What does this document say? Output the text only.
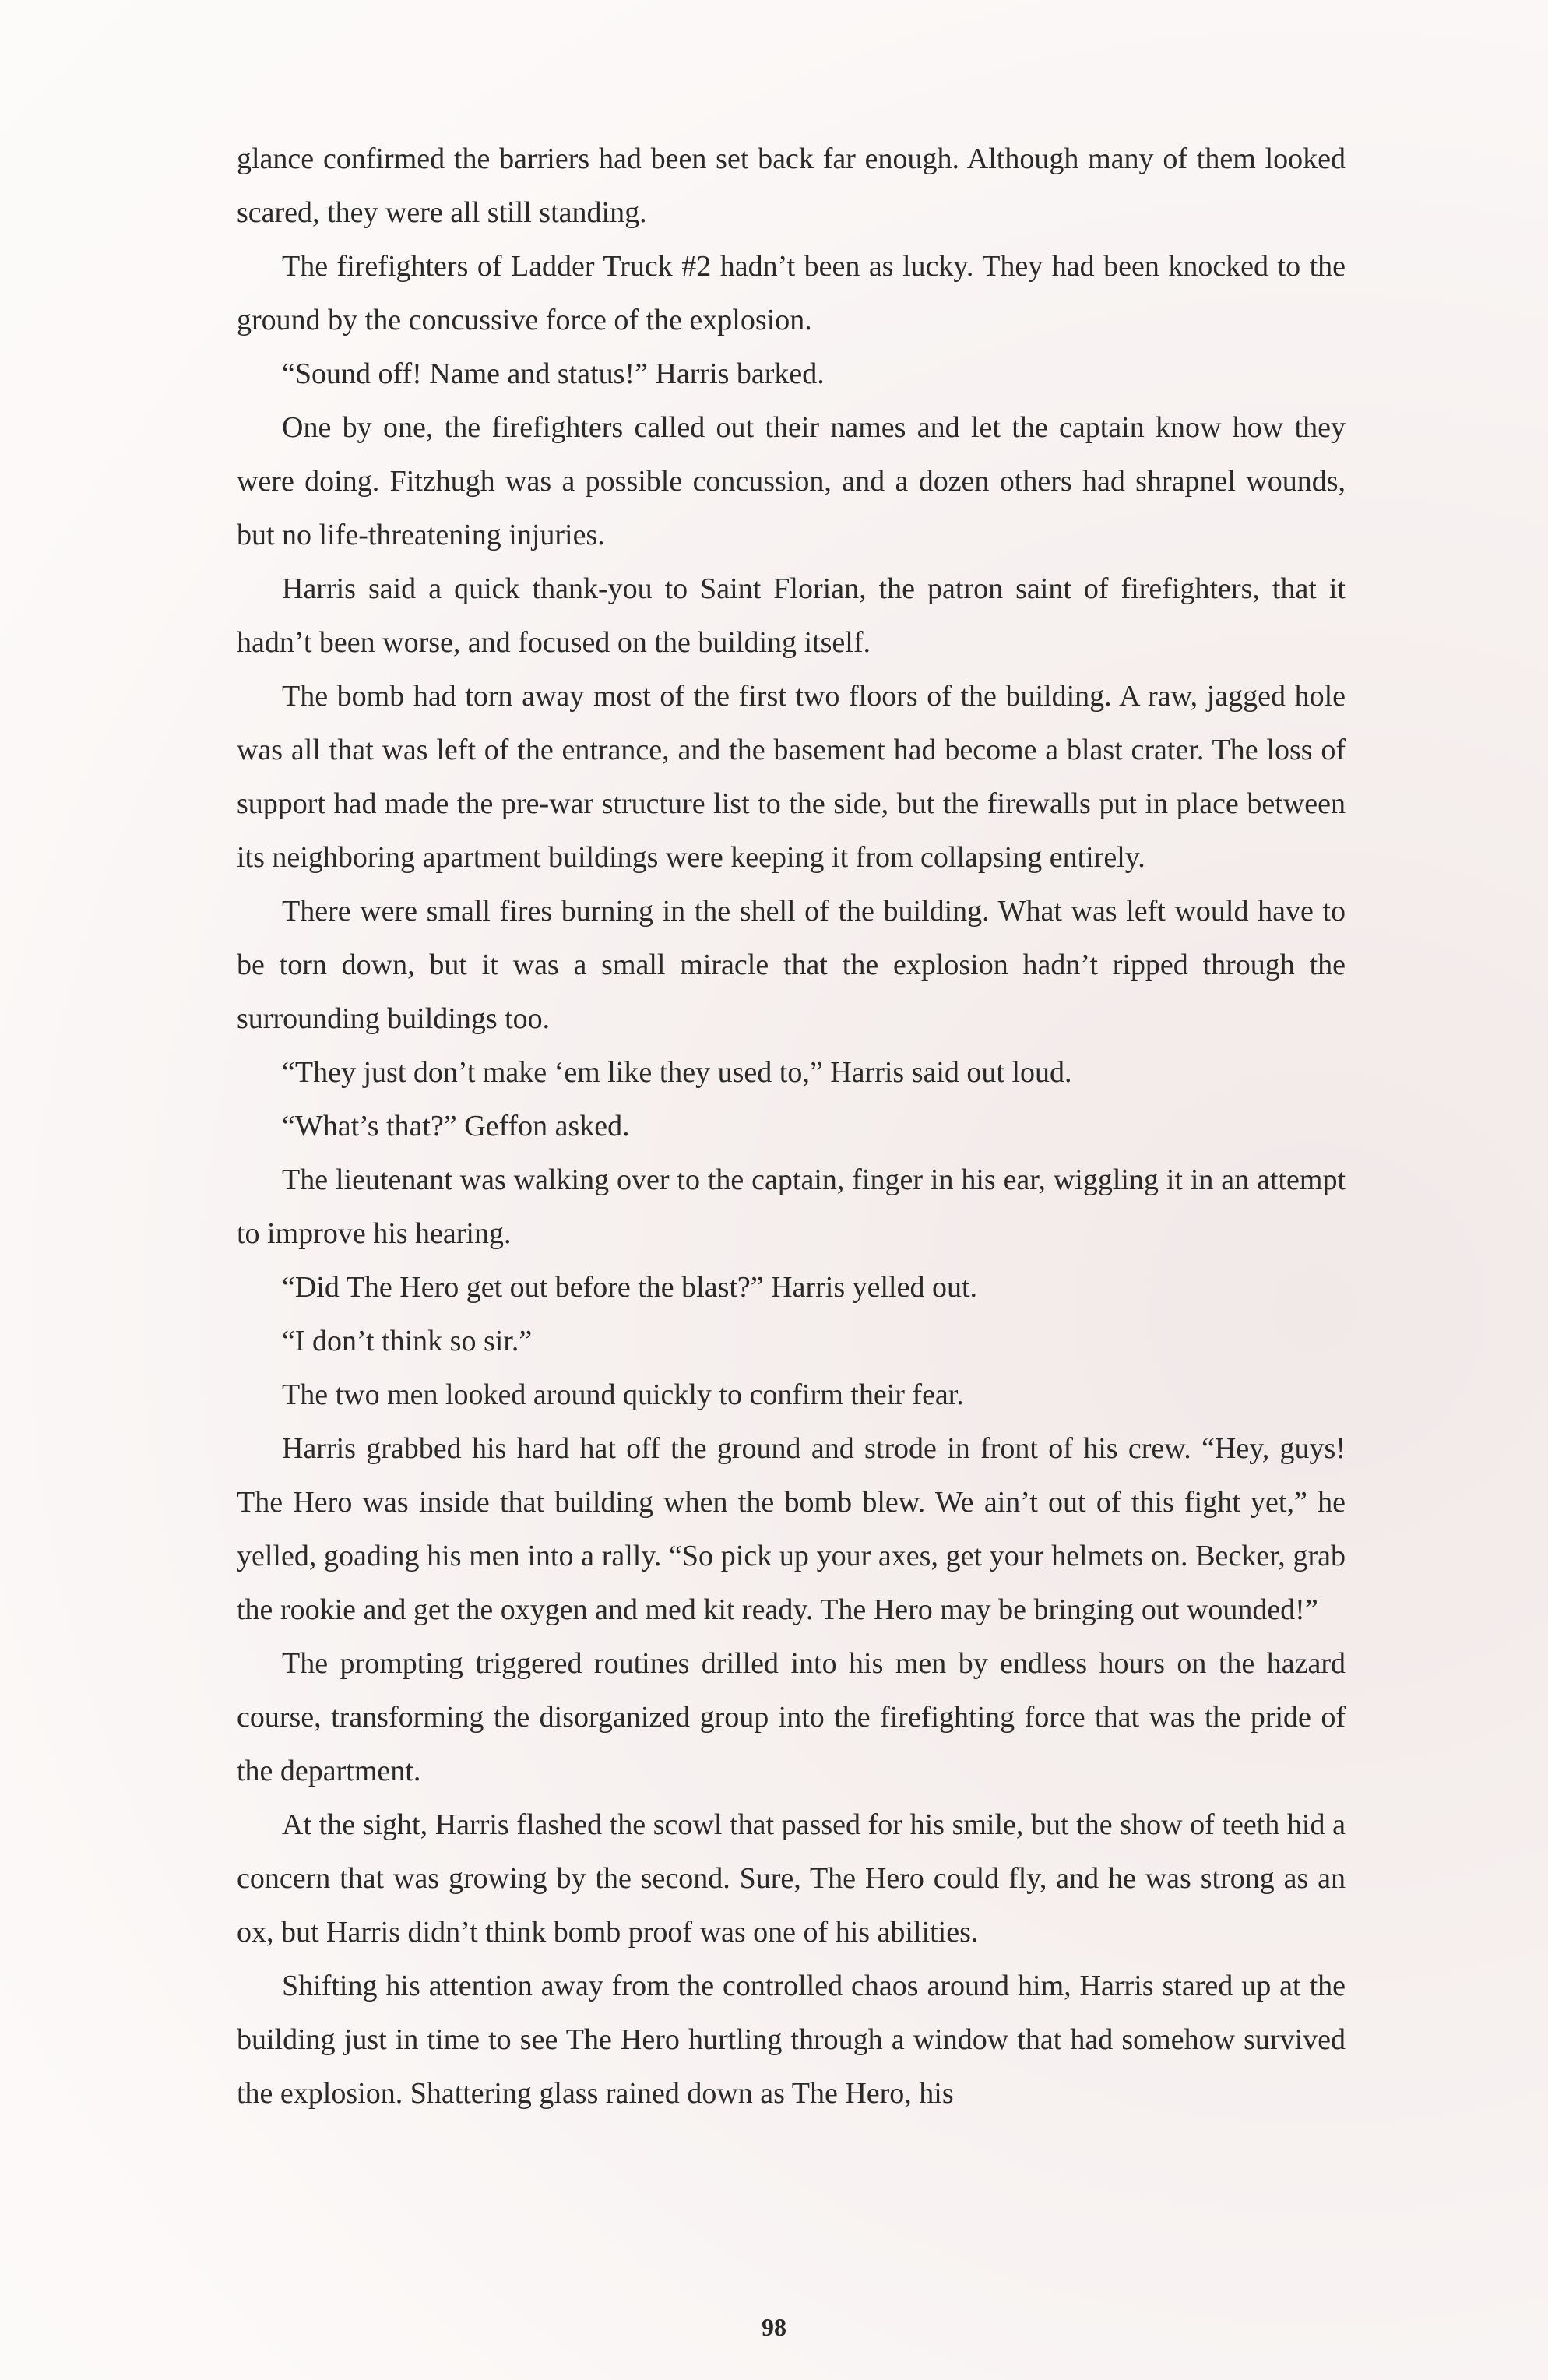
glance confirmed the barriers had been set back far enough. Although many of them looked scared, they were all still standing.

The firefighters of Ladder Truck #2 hadn’t been as lucky. They had been knocked to the ground by the concussive force of the explosion.

“Sound off! Name and status!” Harris barked.

One by one, the firefighters called out their names and let the captain know how they were doing. Fitzhugh was a possible concussion, and a dozen others had shrapnel wounds, but no life-threatening injuries.

Harris said a quick thank-you to Saint Florian, the patron saint of firefighters, that it hadn’t been worse, and focused on the building itself.

The bomb had torn away most of the first two floors of the building. A raw, jagged hole was all that was left of the entrance, and the basement had become a blast crater. The loss of support had made the pre-war structure list to the side, but the firewalls put in place between its neighboring apartment buildings were keeping it from collapsing entirely.

There were small fires burning in the shell of the building. What was left would have to be torn down, but it was a small miracle that the explosion hadn’t ripped through the surrounding buildings too.

“They just don’t make ‘em like they used to,” Harris said out loud.

“What’s that?” Geffon asked.

The lieutenant was walking over to the captain, finger in his ear, wiggling it in an attempt to improve his hearing.

“Did The Hero get out before the blast?” Harris yelled out.

“I don’t think so sir.”

The two men looked around quickly to confirm their fear.

Harris grabbed his hard hat off the ground and strode in front of his crew. “Hey, guys! The Hero was inside that building when the bomb blew. We ain’t out of this fight yet,” he yelled, goading his men into a rally. “So pick up your axes, get your helmets on. Becker, grab the rookie and get the oxygen and med kit ready. The Hero may be bringing out wounded!”

The prompting triggered routines drilled into his men by endless hours on the hazard course, transforming the disorganized group into the firefighting force that was the pride of the department.

At the sight, Harris flashed the scowl that passed for his smile, but the show of teeth hid a concern that was growing by the second. Sure, The Hero could fly, and he was strong as an ox, but Harris didn’t think bomb proof was one of his abilities.

Shifting his attention away from the controlled chaos around him, Harris stared up at the building just in time to see The Hero hurtling through a window that had somehow survived the explosion. Shattering glass rained down as The Hero, his

98
